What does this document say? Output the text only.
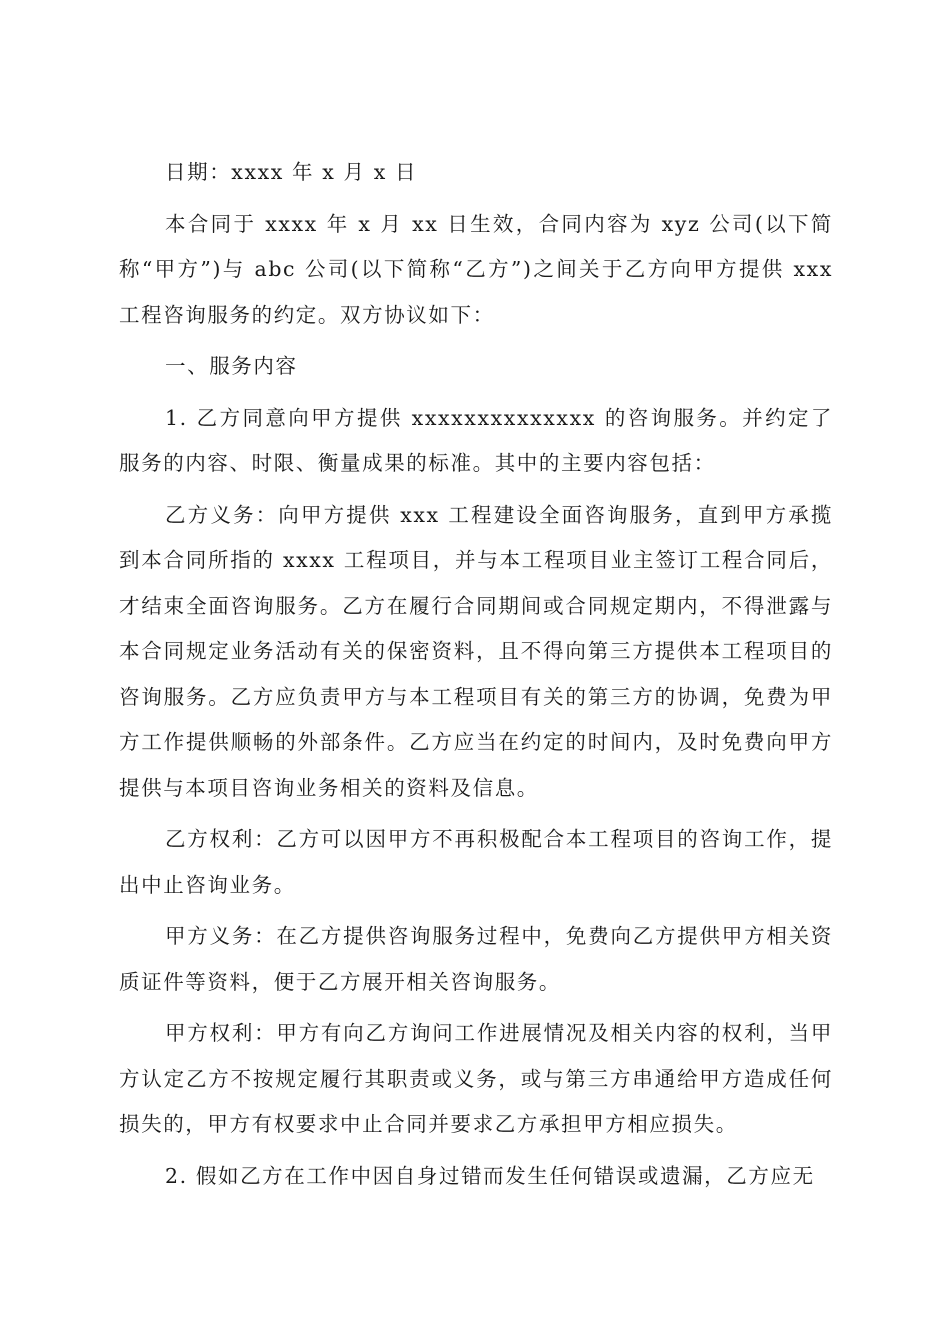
日期：xxxx 年 x 月 x 日

本合同于 xxxx 年 x 月 xx 日生效，合同内容为 xyz 公司(以下简称“甲方”)与 abc 公司(以下简称“乙方”)之间关于乙方向甲方提供 xxx 工程咨询服务的约定。双方协议如下：

一、服务内容

1. 乙方同意向甲方提供 xxxxxxxxxxxxxx 的咨询服务。并约定了服务的内容、时限、衡量成果的标准。其中的主要内容包括：

乙方义务：向甲方提供 xxx 工程建设全面咨询服务，直到甲方承揽到本合同所指的 xxxx 工程项目，并与本工程项目业主签订工程合同后，才结束全面咨询服务。乙方在履行合同期间或合同规定期内，不得泄露与本合同规定业务活动有关的保密资料，且不得向第三方提供本工程项目的咨询服务。乙方应负责甲方与本工程项目有关的第三方的协调，免费为甲方工作提供顺畅的外部条件。乙方应当在约定的时间内，及时免费向甲方提供与本项目咨询业务相关的资料及信息。

乙方权利：乙方可以因甲方不再积极配合本工程项目的咨询工作，提出中止咨询业务。

甲方义务：在乙方提供咨询服务过程中，免费向乙方提供甲方相关资质证件等资料，便于乙方展开相关咨询服务。

甲方权利：甲方有向乙方询问工作进展情况及相关内容的权利，当甲方认定乙方不按规定履行其职责或义务，或与第三方串通给甲方造成任何损失的，甲方有权要求中止合同并要求乙方承担甲方相应损失。

2. 假如乙方在工作中因自身过错而发生任何错误或遗漏，乙方应无
